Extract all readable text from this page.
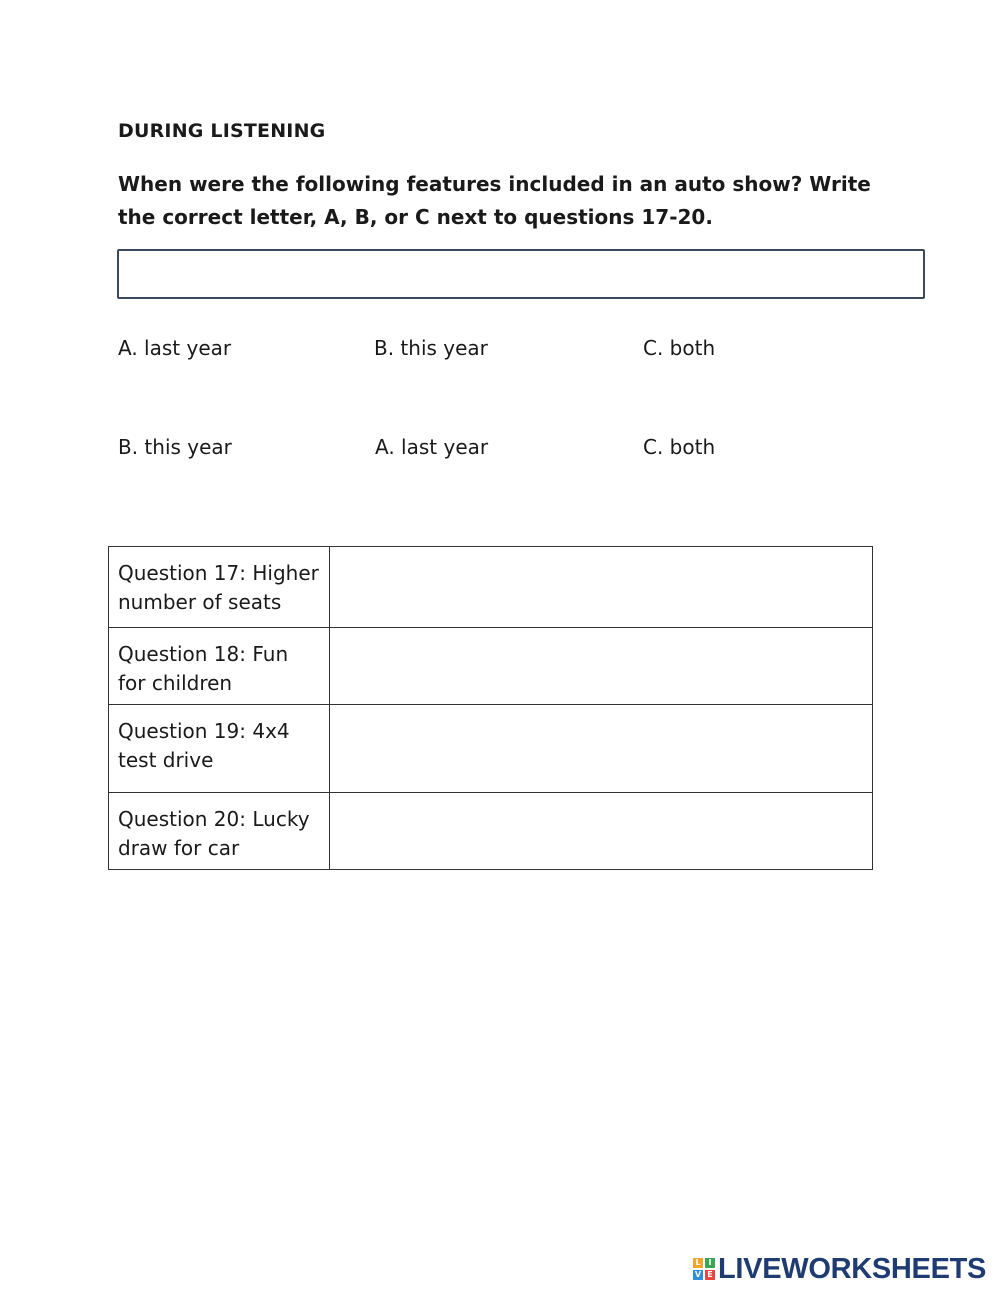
DURING LISTENING
When were the following features included in an auto show? Write the correct letter, A, B, or C next to questions 17-20.
A. last year	B. this year	C. both
B. this year	A. last year	C. both
Question 17: Higher number of seats	
Question 18: Fun for children	
Question 19: 4x4 test drive	
Question 20: Lucky draw for car	
L I
V E LIVEWORKSHEETS
